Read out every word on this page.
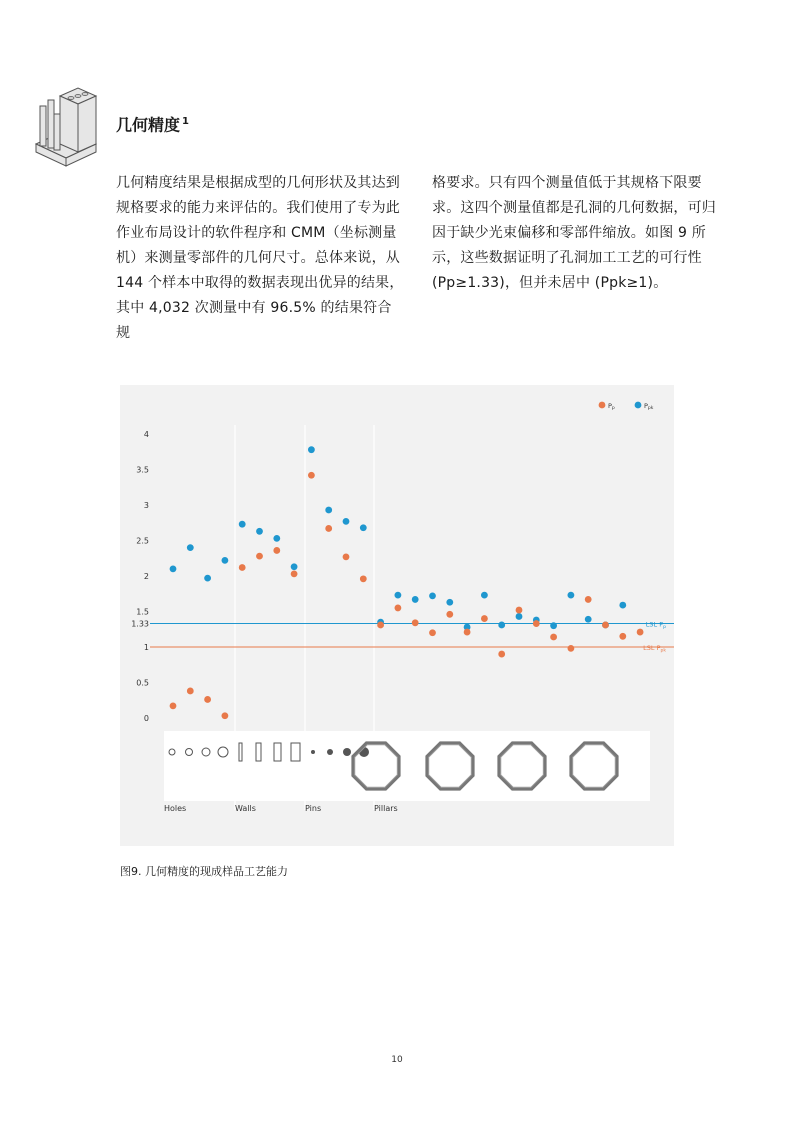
几何精度 $^1$

几何精度结果是根据成型的几何形状及其达到规格要求的能力来评估的。我们使用了专为此作业布局设计的软件程序和 CMM（坐标测量机）来测量零部件的几何尺寸。总体来说，从 144 个样本中取得的数据表现出优异的结果，其中 4,032 次测量中有 96.5% 的结果符合规

格要求。只有四个测量值低于其规格下限要求。这四个测量值都是孔洞的几何数据，可归因于缺少光束偏移和零部件缩放。如图 9 所示，这些数据证明了孔洞加工工艺的可行性 (Pp≥1.33)，但并未居中 (Ppk≥1)。

0
0.5
1
1.33
1.5
2
2.5
3
3.5
4
LSL $P_p$
LSL $P_{pk}$
Pp	Ppk
Holes	Walls	Pins	Pillars

图9. 几何精度的现成样品工艺能力

10
